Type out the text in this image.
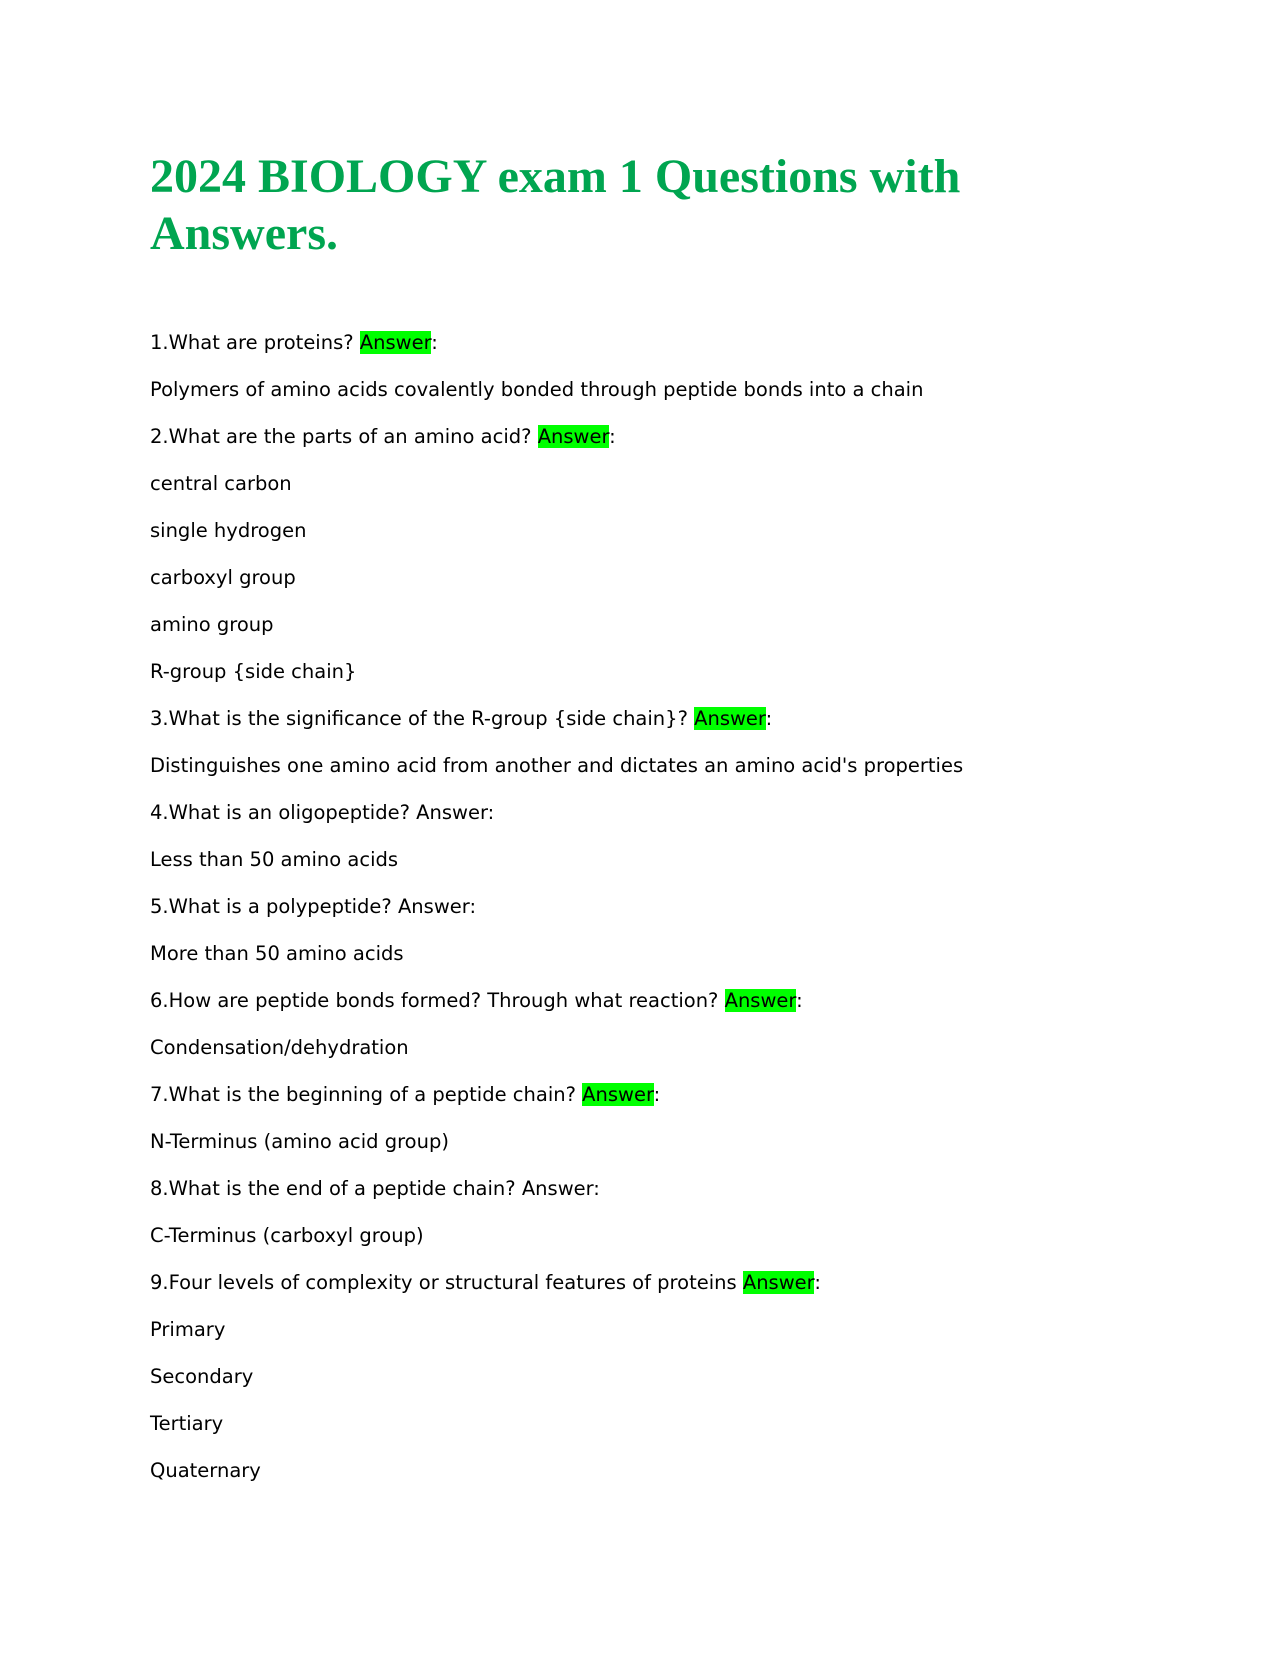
2024 BIOLOGY exam 1 Questions with Answers.
1.What are proteins? Answer:
Polymers of amino acids covalently bonded through peptide bonds into a chain
2.What are the parts of an amino acid? Answer:
central carbon
single hydrogen
carboxyl group
amino group
R-group {side chain}
3.What is the significance of the R-group {side chain}? Answer:
Distinguishes one amino acid from another and dictates an amino acid's properties
4.What is an oligopeptide? Answer:
Less than 50 amino acids
5.What is a polypeptide? Answer:
More than 50 amino acids
6.How are peptide bonds formed? Through what reaction? Answer:
Condensation/dehydration
7.What is the beginning of a peptide chain? Answer:
N-Terminus (amino acid group)
8.What is the end of a peptide chain? Answer:
C-Terminus (carboxyl group)
9.Four levels of complexity or structural features of proteins Answer:
Primary
Secondary
Tertiary
Quaternary
